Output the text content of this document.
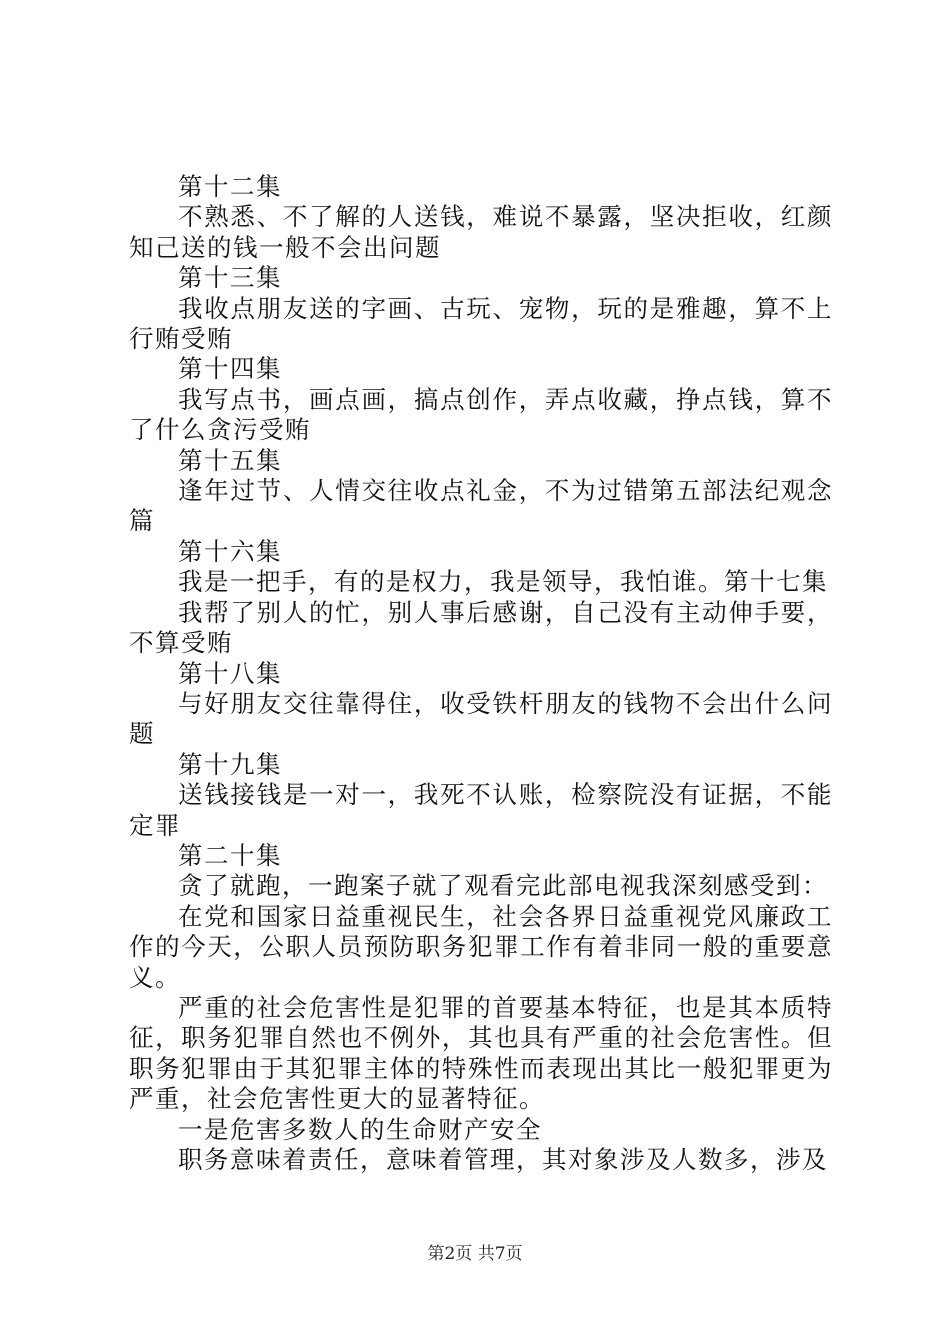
第十二集

不熟悉、不了解的人送钱，难说不暴露，坚决拒收，红颜知己送的钱一般不会出问题

第十三集

我收点朋友送的字画、古玩、宠物，玩的是雅趣，算不上行贿受贿

第十四集

我写点书，画点画，搞点创作，弄点收藏，挣点钱，算不了什么贪污受贿

第十五集

逢年过节、人情交往收点礼金，不为过错第五部法纪观念篇

第十六集

我是一把手，有的是权力，我是领导，我怕谁。第十七集

我帮了别人的忙，别人事后感谢，自己没有主动伸手要，不算受贿

第十八集

与好朋友交往靠得住，收受铁杆朋友的钱物不会出什么问题

第十九集

送钱接钱是一对一，我死不认账，检察院没有证据，不能定罪

第二十集

贪了就跑，一跑案子就了观看完此部电视我深刻感受到：

在党和国家日益重视民生，社会各界日益重视党风廉政工作的今天，公职人员预防职务犯罪工作有着非同一般的重要意义。

严重的社会危害性是犯罪的首要基本特征，也是其本质特征，职务犯罪自然也不例外，其也具有严重的社会危害性。但职务犯罪由于其犯罪主体的特殊性而表现出其比一般犯罪更为严重，社会危害性更大的显著特征。

一是危害多数人的生命财产安全

职务意味着责任，意味着管理，其对象涉及人数多，涉及

第2页 共7页
